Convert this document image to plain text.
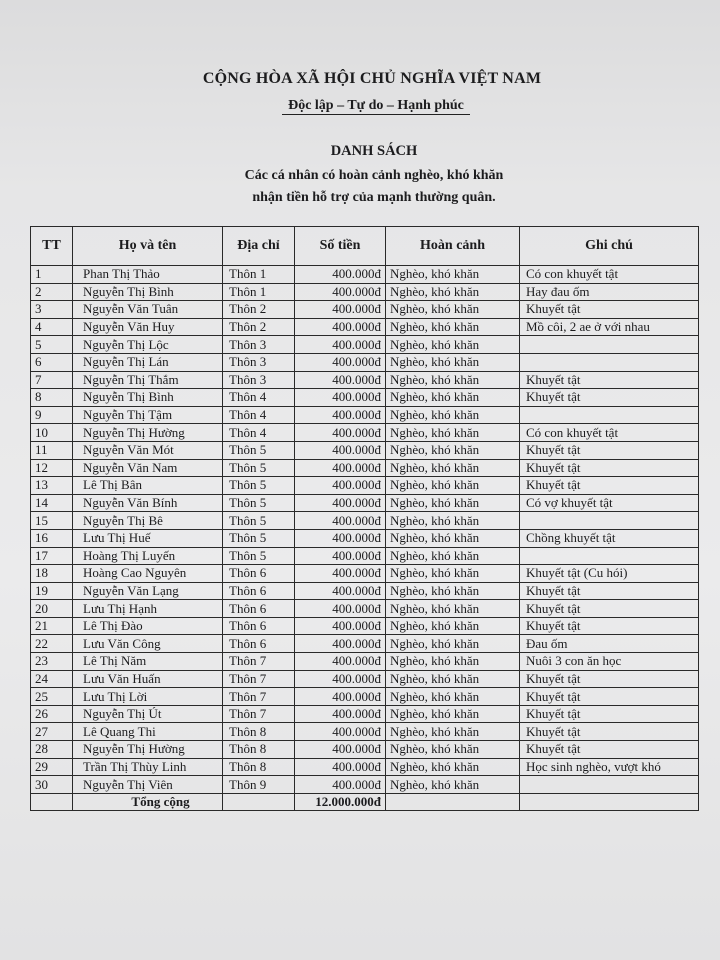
CỘNG HÒA XÃ HỘI CHỦ NGHĨA VIỆT NAM
Độc lập – Tự do – Hạnh phúc
DANH SÁCH
Các cá nhân có hoàn cảnh nghèo, khó khăn
nhận tiền hỗ trợ của mạnh thường quân.
TT	Họ và tên	Địa chỉ	Số tiền	Hoàn cảnh	Ghi chú
1	Phan Thị Thảo	Thôn 1	400.000đ	Nghèo, khó khăn	Có con khuyết tật
2	Nguyễn Thị Bình	Thôn 1	400.000đ	Nghèo, khó khăn	Hay đau ốm
3	Nguyễn Văn Tuân	Thôn 2	400.000đ	Nghèo, khó khăn	Khuyết tật
4	Nguyễn Văn Huy	Thôn 2	400.000đ	Nghèo, khó khăn	Mồ côi, 2 ae ở với nhau
5	Nguyễn Thị Lộc	Thôn 3	400.000đ	Nghèo, khó khăn	
6	Nguyễn Thị Lán	Thôn 3	400.000đ	Nghèo, khó khăn	
7	Nguyễn Thị Thắm	Thôn 3	400.000đ	Nghèo, khó khăn	Khuyết tật
8	Nguyễn Thị Bình	Thôn 4	400.000đ	Nghèo, khó khăn	Khuyết tật
9	Nguyễn Thị Tậm	Thôn 4	400.000đ	Nghèo, khó khăn	
10	Nguyễn Thị Hường	Thôn 4	400.000đ	Nghèo, khó khăn	Có con khuyết tật
11	Nguyễn Văn Mót	Thôn 5	400.000đ	Nghèo, khó khăn	Khuyết tật
12	Nguyễn Văn Nam	Thôn 5	400.000đ	Nghèo, khó khăn	Khuyết tật
13	Lê Thị Bân	Thôn 5	400.000đ	Nghèo, khó khăn	Khuyết tật
14	Nguyễn Văn Bính	Thôn 5	400.000đ	Nghèo, khó khăn	Có vợ khuyết tật
15	Nguyễn Thị Bê	Thôn 5	400.000đ	Nghèo, khó khăn	
16	Lưu Thị Huế	Thôn 5	400.000đ	Nghèo, khó khăn	Chồng khuyết tật
17	Hoàng Thị Luyến	Thôn 5	400.000đ	Nghèo, khó khăn	
18	Hoàng Cao Nguyên	Thôn 6	400.000đ	Nghèo, khó khăn	Khuyết tật (Cu hói)
19	Nguyễn Văn Lạng	Thôn 6	400.000đ	Nghèo, khó khăn	Khuyết tật
20	Lưu Thị Hạnh	Thôn 6	400.000đ	Nghèo, khó khăn	Khuyết tật
21	Lê Thị Đào	Thôn 6	400.000đ	Nghèo, khó khăn	Khuyết tật
22	Lưu Văn Công	Thôn 6	400.000đ	Nghèo, khó khăn	Đau ốm
23	Lê Thị Năm	Thôn 7	400.000đ	Nghèo, khó khăn	Nuôi 3 con ăn học
24	Lưu Văn Huấn	Thôn 7	400.000đ	Nghèo, khó khăn	Khuyết tật
25	Lưu Thị Lời	Thôn 7	400.000đ	Nghèo, khó khăn	Khuyết tật
26	Nguyễn Thị Út	Thôn 7	400.000đ	Nghèo, khó khăn	Khuyết tật
27	Lê Quang Thi	Thôn 8	400.000đ	Nghèo, khó khăn	Khuyết tật
28	Nguyễn Thị Hường	Thôn 8	400.000đ	Nghèo, khó khăn	Khuyết tật
29	Trần Thị Thùy Linh	Thôn 8	400.000đ	Nghèo, khó khăn	Học sinh nghèo, vượt khó
30	Nguyễn Thị Viên	Thôn 9	400.000đ	Nghèo, khó khăn	
	Tổng cộng		12.000.000đ		
